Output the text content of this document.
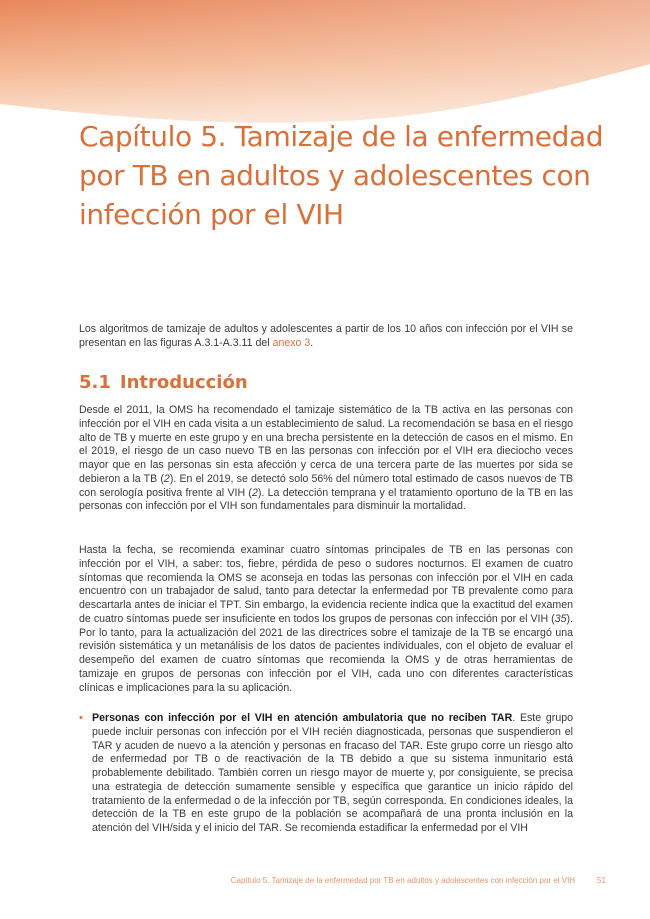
Capítulo 5. Tamizaje de la enfermedad por TB en adultos y adolescentes con infección por el VIH

Los algoritmos de tamizaje de adultos y adolescentes a partir de los 10 años con infección por el VIH se presentan en las figuras A.3.1-A.3.11 del anexo 3.

5.1 Introducción

Desde el 2011, la OMS ha recomendado el tamizaje sistemático de la TB activa en las personas con infección por el VIH en cada visita a un establecimiento de salud. La recomendación se basa en el riesgo alto de TB y muerte en este grupo y en una brecha persistente en la detección de casos en el mismo. En el 2019, el riesgo de un caso nuevo TB en las personas con infección por el VIH era dieciocho veces mayor que en las personas sin esta afección y cerca de una tercera parte de las muertes por sida se debieron a la TB (2). En el 2019, se detectó solo 56% del número total estimado de casos nuevos de TB con serología positiva frente al VIH (2). La detección temprana y el tratamiento oportuno de la TB en las personas con infección por el VIH son fundamentales para disminuir la mortalidad.

Hasta la fecha, se recomienda examinar cuatro síntomas principales de TB en las personas con infección por el VIH, a saber: tos, fiebre, pérdida de peso o sudores nocturnos. El examen de cuatro síntomas que recomienda la OMS se aconseja en todas las personas con infección por el VIH en cada encuentro con un trabajador de salud, tanto para detectar la enfermedad por TB prevalente como para descartarla antes de iniciar el TPT. Sin embargo, la evidencia reciente indica que la exactitud del examen de cuatro síntomas puede ser insuficiente en todos los grupos de personas con infección por el VIH (35). Por lo tanto, para la actualización del 2021 de las directrices sobre el tamizaje de la TB se encargó una revisión sistemática y un metanálisis de los datos de pacientes individuales, con el objeto de evaluar el desempeño del examen de cuatro síntomas que recomienda la OMS y de otras herramientas de tamizaje en grupos de personas con infección por el VIH, cada uno con diferentes características clínicas e implicaciones para la su aplicación.

• Personas con infección por el VIH en atención ambulatoria que no reciben TAR. Este grupo puede incluir personas con infección por el VIH recién diagnosticada, personas que suspendieron el TAR y acuden de nuevo a la atención y personas en fracaso del TAR. Este grupo corre un riesgo alto de enfermedad por TB o de reactivación de la TB debido a que su sistema inmunitario está probablemente debilitado. También corren un riesgo mayor de muerte y, por consiguiente, se precisa una estrategia de detección sumamente sensible y específica que garantice un inicio rápido del tratamiento de la enfermedad o de la infección por TB, según corresponda. En condiciones ideales, la detección de la TB en este grupo de la población se acompañará de una pronta inclusión en la atención del VIH/sida y el inicio del TAR. Se recomienda estadificar la enfermedad por el VIH

Capítulo 5. Tamizaje de la enfermedad por TB en adultos y adolescentes con infección por el VIH	51
